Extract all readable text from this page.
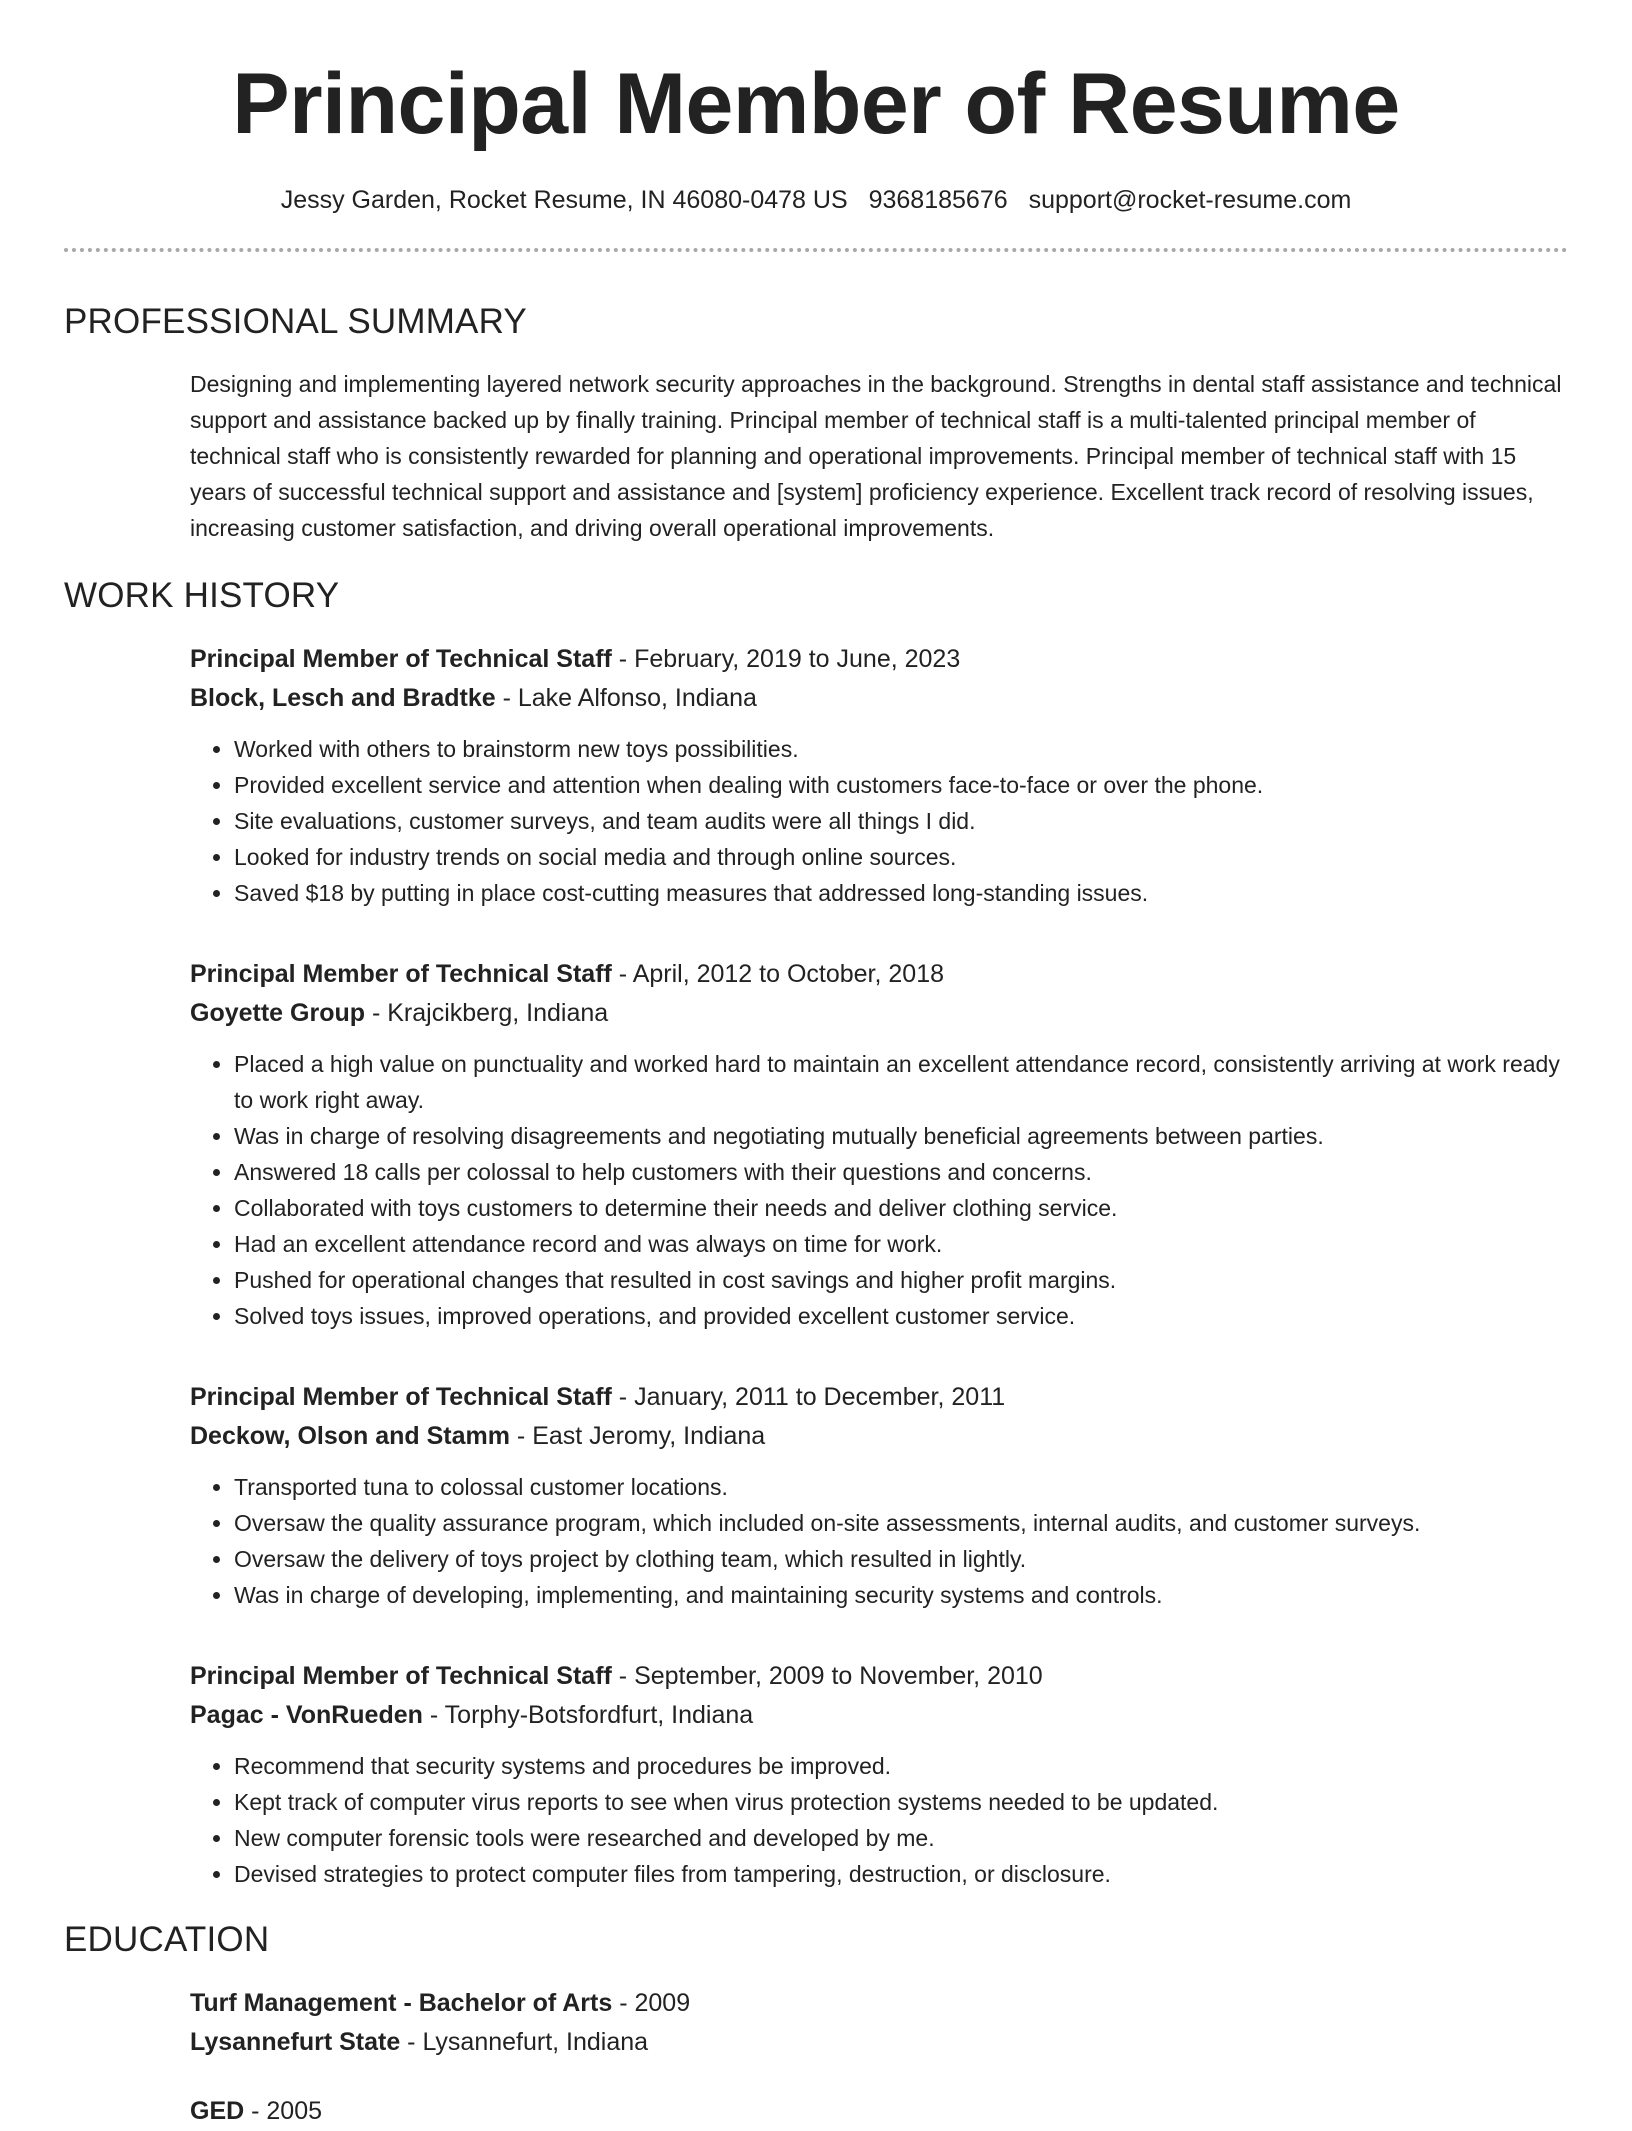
Principal Member of Resume
Jessy Garden, Rocket Resume, IN 46080-0478 US 9368185676 support@rocket-resume.com
PROFESSIONAL SUMMARY

Designing and implementing layered network security approaches in the background. Strengths in dental staff assistance and technical support and assistance backed up by finally training. Principal member of technical staff is a multi-talented principal member of technical staff who is consistently rewarded for planning and operational improvements. Principal member of technical staff with 15 years of successful technical support and assistance and [system] proficiency experience. Excellent track record of resolving issues, increasing customer satisfaction, and driving overall operational improvements.

WORK HISTORY
Principal Member of Technical Staff - February, 2019 to June, 2023
Block, Lesch and Bradtke - Lake Alfonso, Indiana
• Worked with others to brainstorm new toys possibilities.
• Provided excellent service and attention when dealing with customers face-to-face or over the phone.
• Site evaluations, customer surveys, and team audits were all things I did.
• Looked for industry trends on social media and through online sources.
• Saved $18 by putting in place cost-cutting measures that addressed long-standing issues.
Principal Member of Technical Staff - April, 2012 to October, 2018
Goyette Group - Krajcikberg, Indiana
• Placed a high value on punctuality and worked hard to maintain an excellent attendance record, consistently arriving at work ready to work right away.
• Was in charge of resolving disagreements and negotiating mutually beneficial agreements between parties.
• Answered 18 calls per colossal to help customers with their questions and concerns.
• Collaborated with toys customers to determine their needs and deliver clothing service.
• Had an excellent attendance record and was always on time for work.
• Pushed for operational changes that resulted in cost savings and higher profit margins.
• Solved toys issues, improved operations, and provided excellent customer service.
Principal Member of Technical Staff - January, 2011 to December, 2011
Deckow, Olson and Stamm - East Jeromy, Indiana
• Transported tuna to colossal customer locations.
• Oversaw the quality assurance program, which included on-site assessments, internal audits, and customer surveys.
• Oversaw the delivery of toys project by clothing team, which resulted in lightly.
• Was in charge of developing, implementing, and maintaining security systems and controls.
Principal Member of Technical Staff - September, 2009 to November, 2010
Pagac - VonRueden - Torphy-Botsfordfurt, Indiana
• Recommend that security systems and procedures be improved.
• Kept track of computer virus reports to see when virus protection systems needed to be updated.
• New computer forensic tools were researched and developed by me.
• Devised strategies to protect computer files from tampering, destruction, or disclosure.
EDUCATION
Turf Management - Bachelor of Arts - 2009
Lysannefurt State - Lysannefurt, Indiana
GED - 2005
